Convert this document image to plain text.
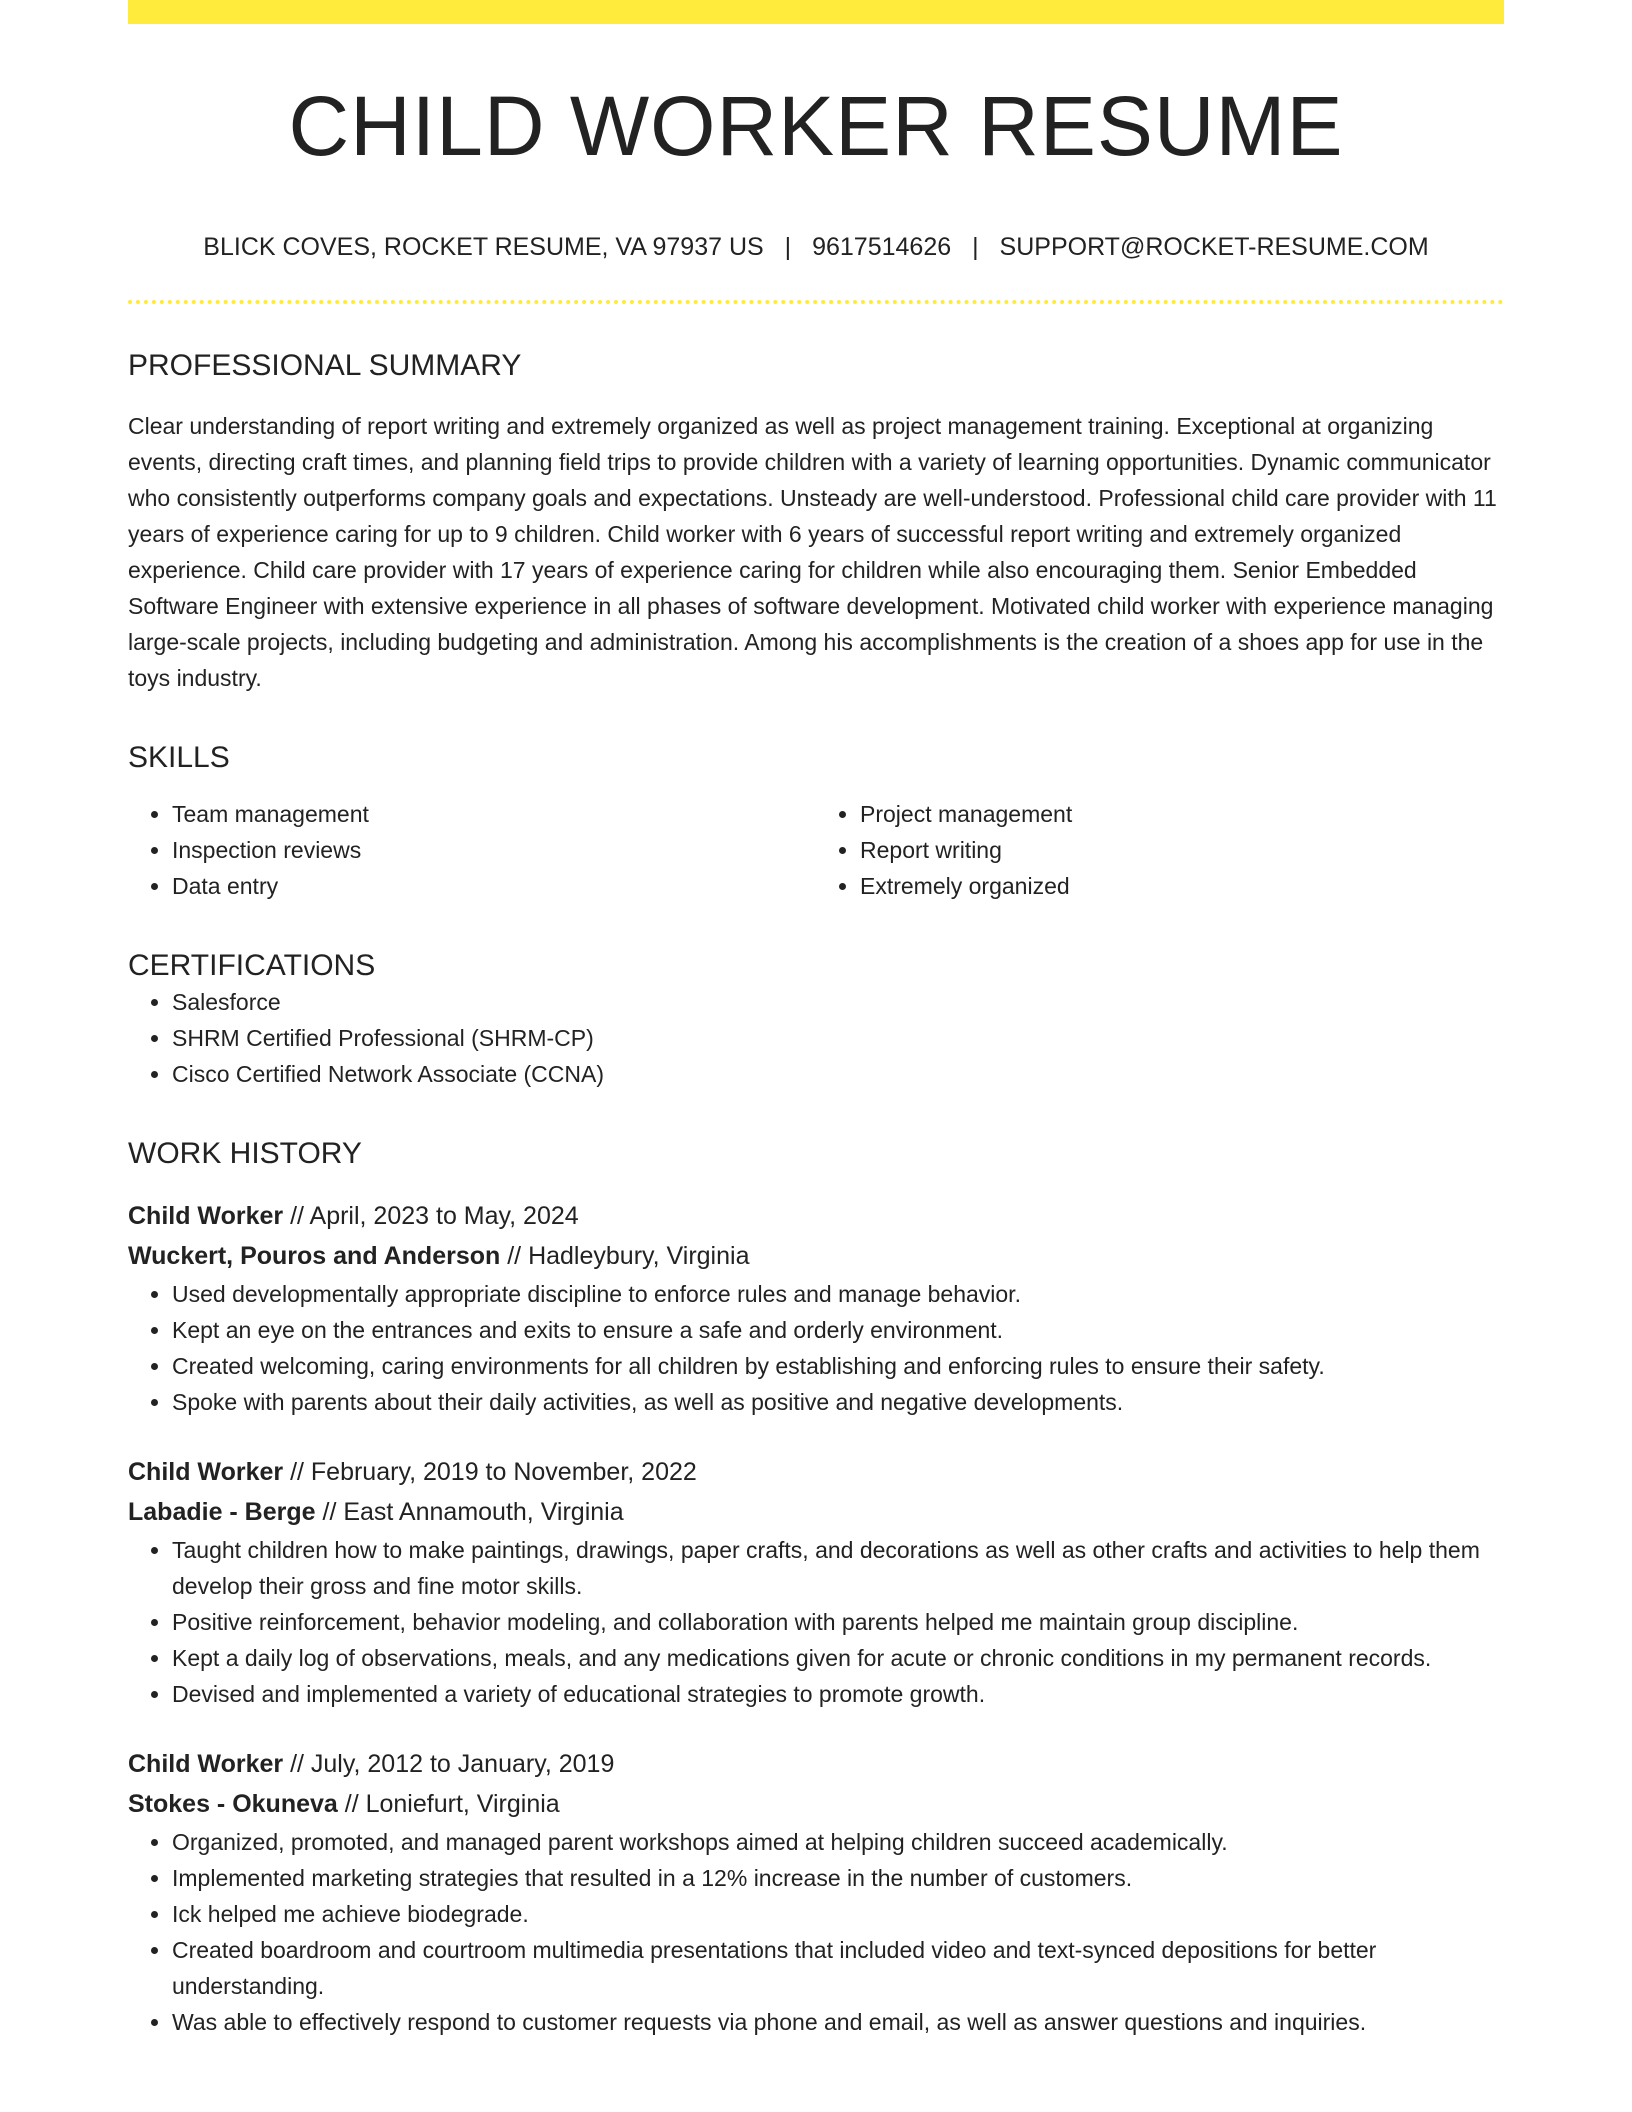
CHILD WORKER RESUME
BLICK COVES, ROCKET RESUME, VA 97937 US | 9617514626 | SUPPORT@ROCKET-RESUME.COM
PROFESSIONAL SUMMARY

Clear understanding of report writing and extremely organized as well as project management training. Exceptional at organizing events, directing craft times, and planning field trips to provide children with a variety of learning opportunities. Dynamic communicator who consistently outperforms company goals and expectations. Unsteady are well-understood. Professional child care provider with 11 years of experience caring for up to 9 children. Child worker with 6 years of successful report writing and extremely organized experience. Child care provider with 17 years of experience caring for children while also encouraging them. Senior Embedded Software Engineer with extensive experience in all phases of software development. Motivated child worker with experience managing large-scale projects, including budgeting and administration. Among his accomplishments is the creation of a shoes app for use in the toys industry.

SKILLS
• Team management
• Inspection reviews
• Data entry
• Project management
• Report writing
• Extremely organized
CERTIFICATIONS
• Salesforce
• SHRM Certified Professional (SHRM-CP)
• Cisco Certified Network Associate (CCNA)
WORK HISTORY
Child Worker // April, 2023 to May, 2024
Wuckert, Pouros and Anderson // Hadleybury, Virginia
• Used developmentally appropriate discipline to enforce rules and manage behavior.
• Kept an eye on the entrances and exits to ensure a safe and orderly environment.
• Created welcoming, caring environments for all children by establishing and enforcing rules to ensure their safety.
• Spoke with parents about their daily activities, as well as positive and negative developments.
Child Worker // February, 2019 to November, 2022
Labadie - Berge // East Annamouth, Virginia
• Taught children how to make paintings, drawings, paper crafts, and decorations as well as other crafts and activities to help them develop their gross and fine motor skills.
• Positive reinforcement, behavior modeling, and collaboration with parents helped me maintain group discipline.
• Kept a daily log of observations, meals, and any medications given for acute or chronic conditions in my permanent records.
• Devised and implemented a variety of educational strategies to promote growth.
Child Worker // July, 2012 to January, 2019
Stokes - Okuneva // Loniefurt, Virginia
• Organized, promoted, and managed parent workshops aimed at helping children succeed academically.
• Implemented marketing strategies that resulted in a 12% increase in the number of customers.
• Ick helped me achieve biodegrade.
• Created boardroom and courtroom multimedia presentations that included video and text-synced depositions for better understanding.
• Was able to effectively respond to customer requests via phone and email, as well as answer questions and inquiries.
